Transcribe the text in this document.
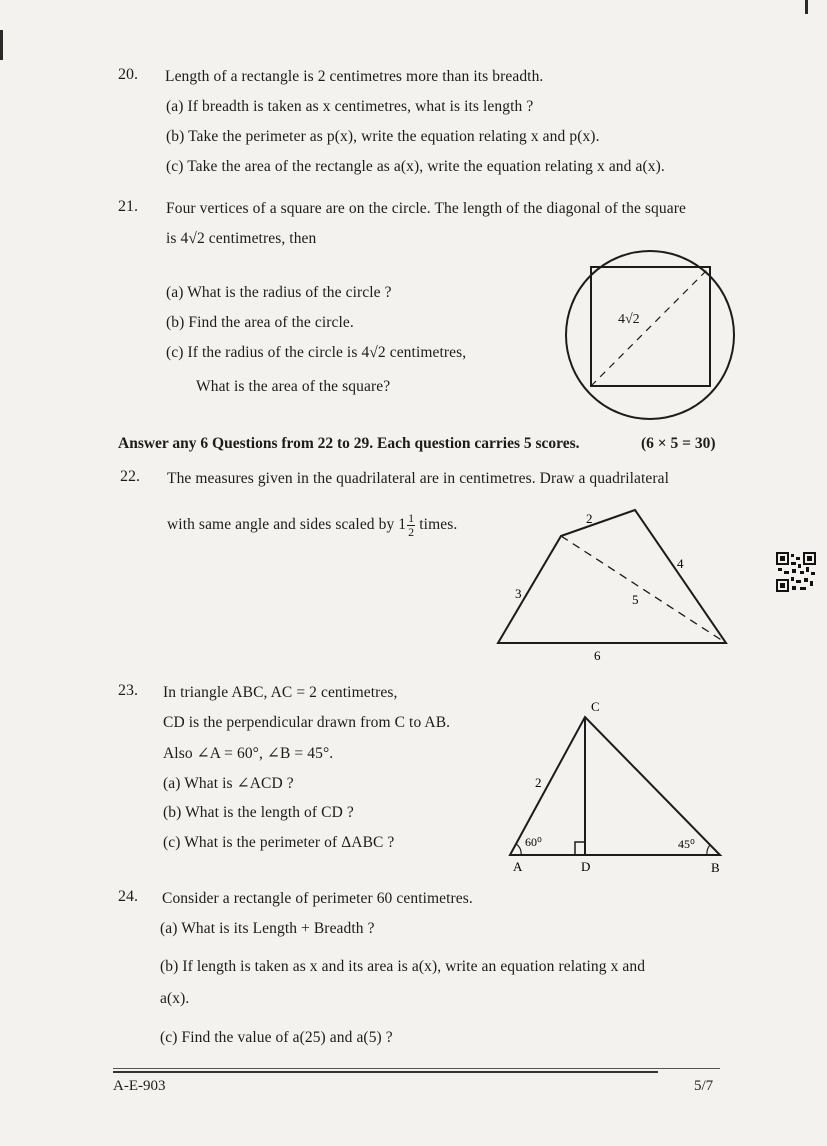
20. Length of a rectangle is 2 centimetres more than its breadth.
(a) If breadth is taken as x centimetres, what is its length ?
(b) Take the perimeter as p(x), write the equation relating x and p(x).
(c) Take the area of the rectangle as a(x), write the equation relating x and a(x).
21. Four vertices of a square are on the circle. The length of the diagonal of the square
is 4√2 centimetres, then
(a) What is the radius of the circle ?
(b) Find the area of the circle.
(c) If the radius of the circle is 4√2 centimetres,
What is the area of the square?
4√2
Answer any 6 Questions from 22 to 29. Each question carries 5 scores.	(6 × 5 = 30)
22. The measures given in the quadrilateral are in centimetres. Draw a quadrilateral
with same angle and sides scaled by $1 \frac{1}{2}$ times.	2
4
3	5
6
23. In triangle ABC, AC = 2 centimetres,
CD is the perpendicular drawn from C to AB.
Also ∠A = 60°, ∠B = 45°.
(a) What is ∠ACD ?
(b) What is the length of CD ?
(c) What is the perimeter of ΔABC ?
C
2
60⁰	45⁰
A	D	B
24. Consider a rectangle of perimeter 60 centimetres.
(a) What is its Length + Breadth ?
(b) If length is taken as x and its area is a(x), write an equation relating x and
a(x).
(c) Find the value of a(25) and a(5) ?
A-E-903	5/7
